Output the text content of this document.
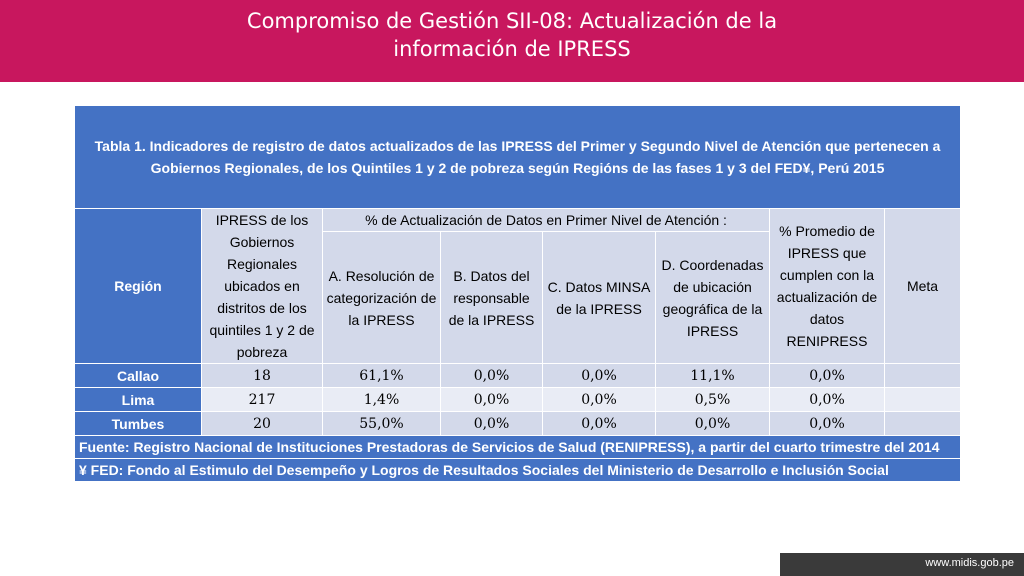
Compromiso de Gestión SII-08: Actualización de la
información de IPRESS
Tabla 1. Indicadores de registro de datos actualizados de las IPRESS del Primer y Segundo Nivel de Atención que pertenecen a Gobiernos Regionales, de los Quintiles 1 y 2 de pobreza según Regións de las fases 1 y 3 del FED¥, Perú 2015							
Región	IPRESS de los Gobiernos Regionales ubicados en distritos de los quintiles 1 y 2 de pobreza	% de Actualización de Datos en Primer Nivel de Atención :				% Promedio de IPRESS que cumplen con la actualización de datos RENIPRESS	Meta
		A. Resolución de categorización de la IPRESS	B. Datos del responsable de la IPRESS	C. Datos MINSA de la IPRESS	D. Coordenadas de ubicación geográfica de la IPRESS		
Callao	18	61,1%	0,0%	0,0%	11,1%	0,0%	
Lima	217	1,4%	0,0%	0,0%	0,5%	0,0%	
Tumbes	20	55,0%	0,0%	0,0%	0,0%	0,0%	
Fuente: Registro Nacional de Instituciones Prestadoras de Servicios de Salud (RENIPRESS), a partir del cuarto trimestre del 2014							
¥ FED: Fondo al Estimulo del Desempeño y Logros de Resultados Sociales del Ministerio de Desarrollo e Inclusión Social							
www.midis.gob.pe
